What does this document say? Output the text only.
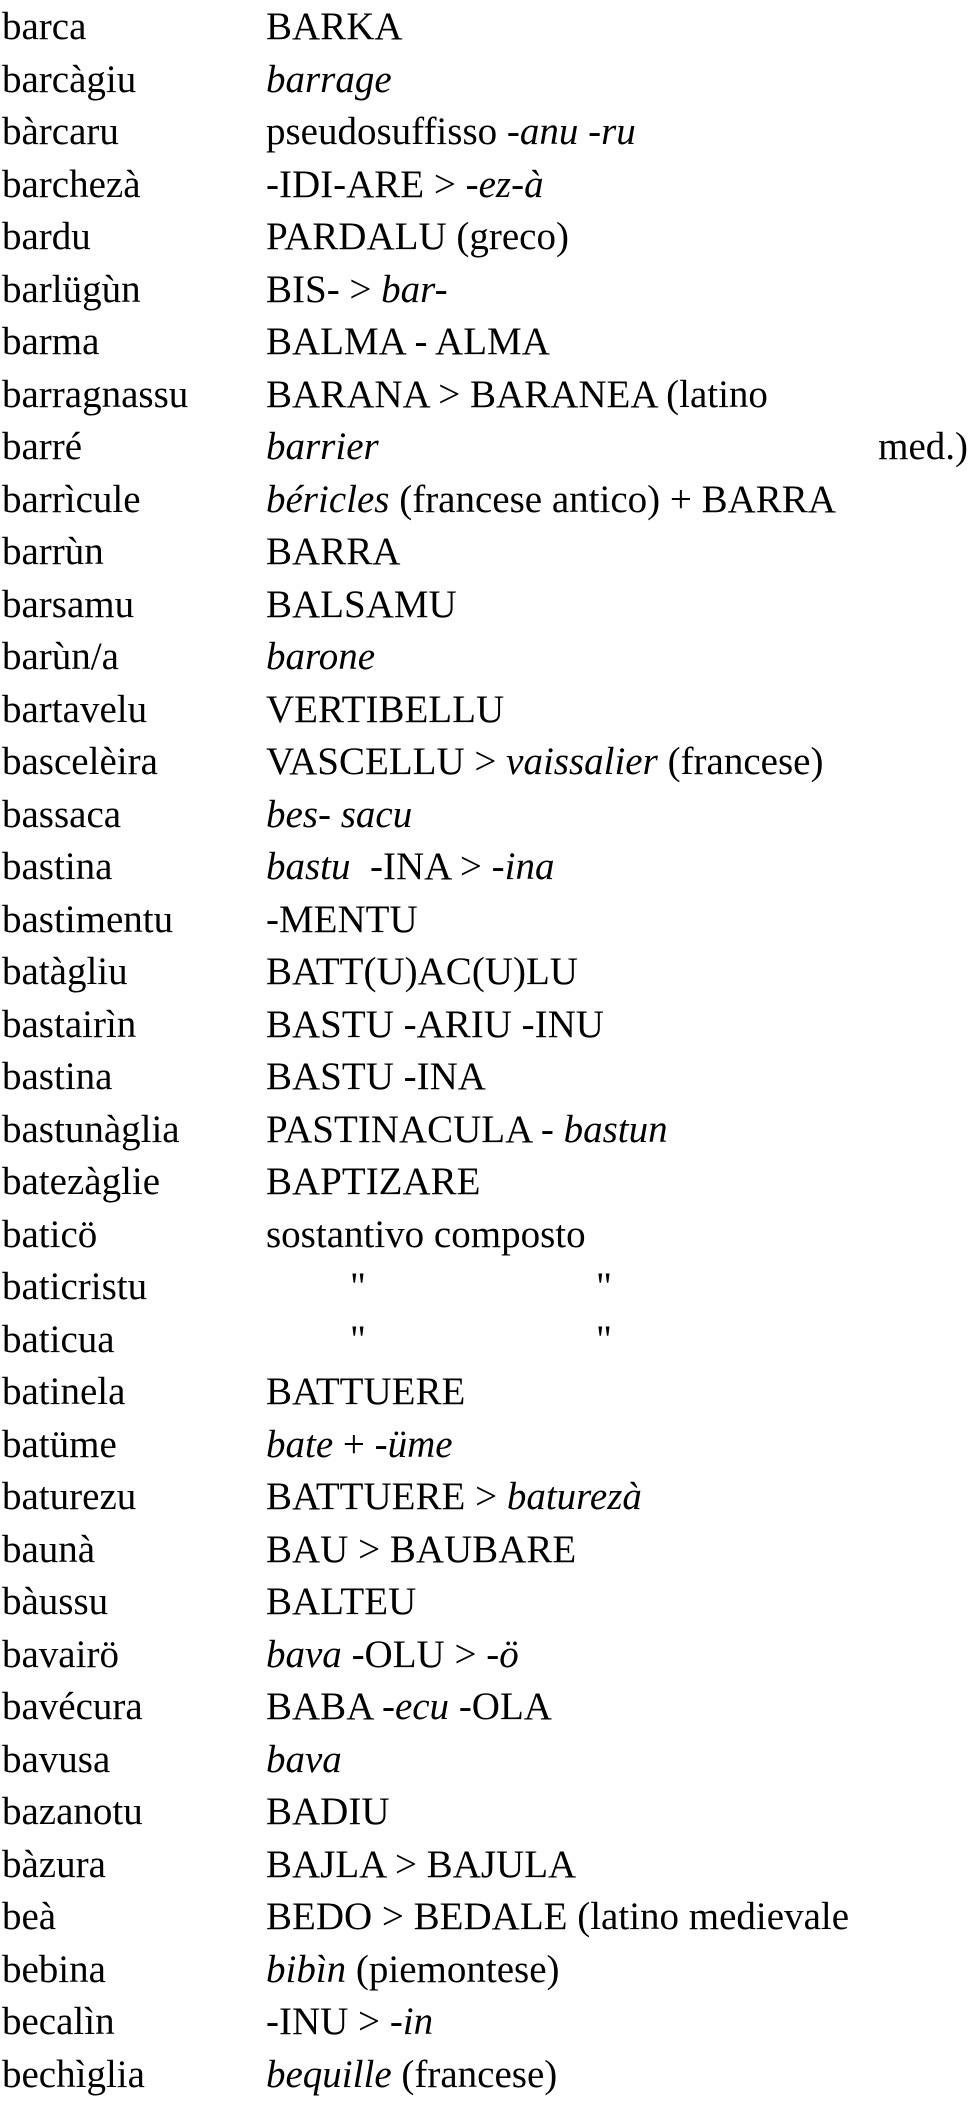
barca	BARKA
barcàgiu	barrage
bàrcaru	pseudosuffisso -anu -ru
barchezà	-IDI-ARE > -ez-à
bardu	PARDALU (greco)
barlügùn	BIS- > bar-
barma	BALMA - ALMA
barragnassu BARANA > BARANEA (latino
barré	barrier	med.)
barrìcule	béricles (francese antico) + BARRA
barrùn	BARRA
barsamu	BALSAMU
barùn/a	barone
bartavelu	VERTIBELLU
bascelèira	VASCELLU > vaissalier (francese)
bassaca	bes- sacu
bastina	bastu  -INA > -ina
bastimentu -MENTU
batàgliu	BATT(U)AC(U)LU
bastairìn	BASTU -ARIU -INU
bastina	BASTU -INA
bastunàglia PASTINACULA - bastun
batezàglie	BAPTIZARE
baticö	sostantivo composto
baticristu	"	"
baticua	"	"
batinela	BATTUERE
batüme	bate + -üme
baturezu	BATTUERE > baturezà
baunà	BAU > BAUBARE
bàussu	BALTEU
bavairö	bava -OLU > -ö
bavécura	BABA -ecu -OLA
bavusa	bava
bazanotu	BADIU
bàzura	BAJLA > BAJULA
beà	BEDO > BEDALE (latino medievale
bebina	bibìn (piemontese)
becalìn	-INU > -in
bechìglia	bequille (francese)
